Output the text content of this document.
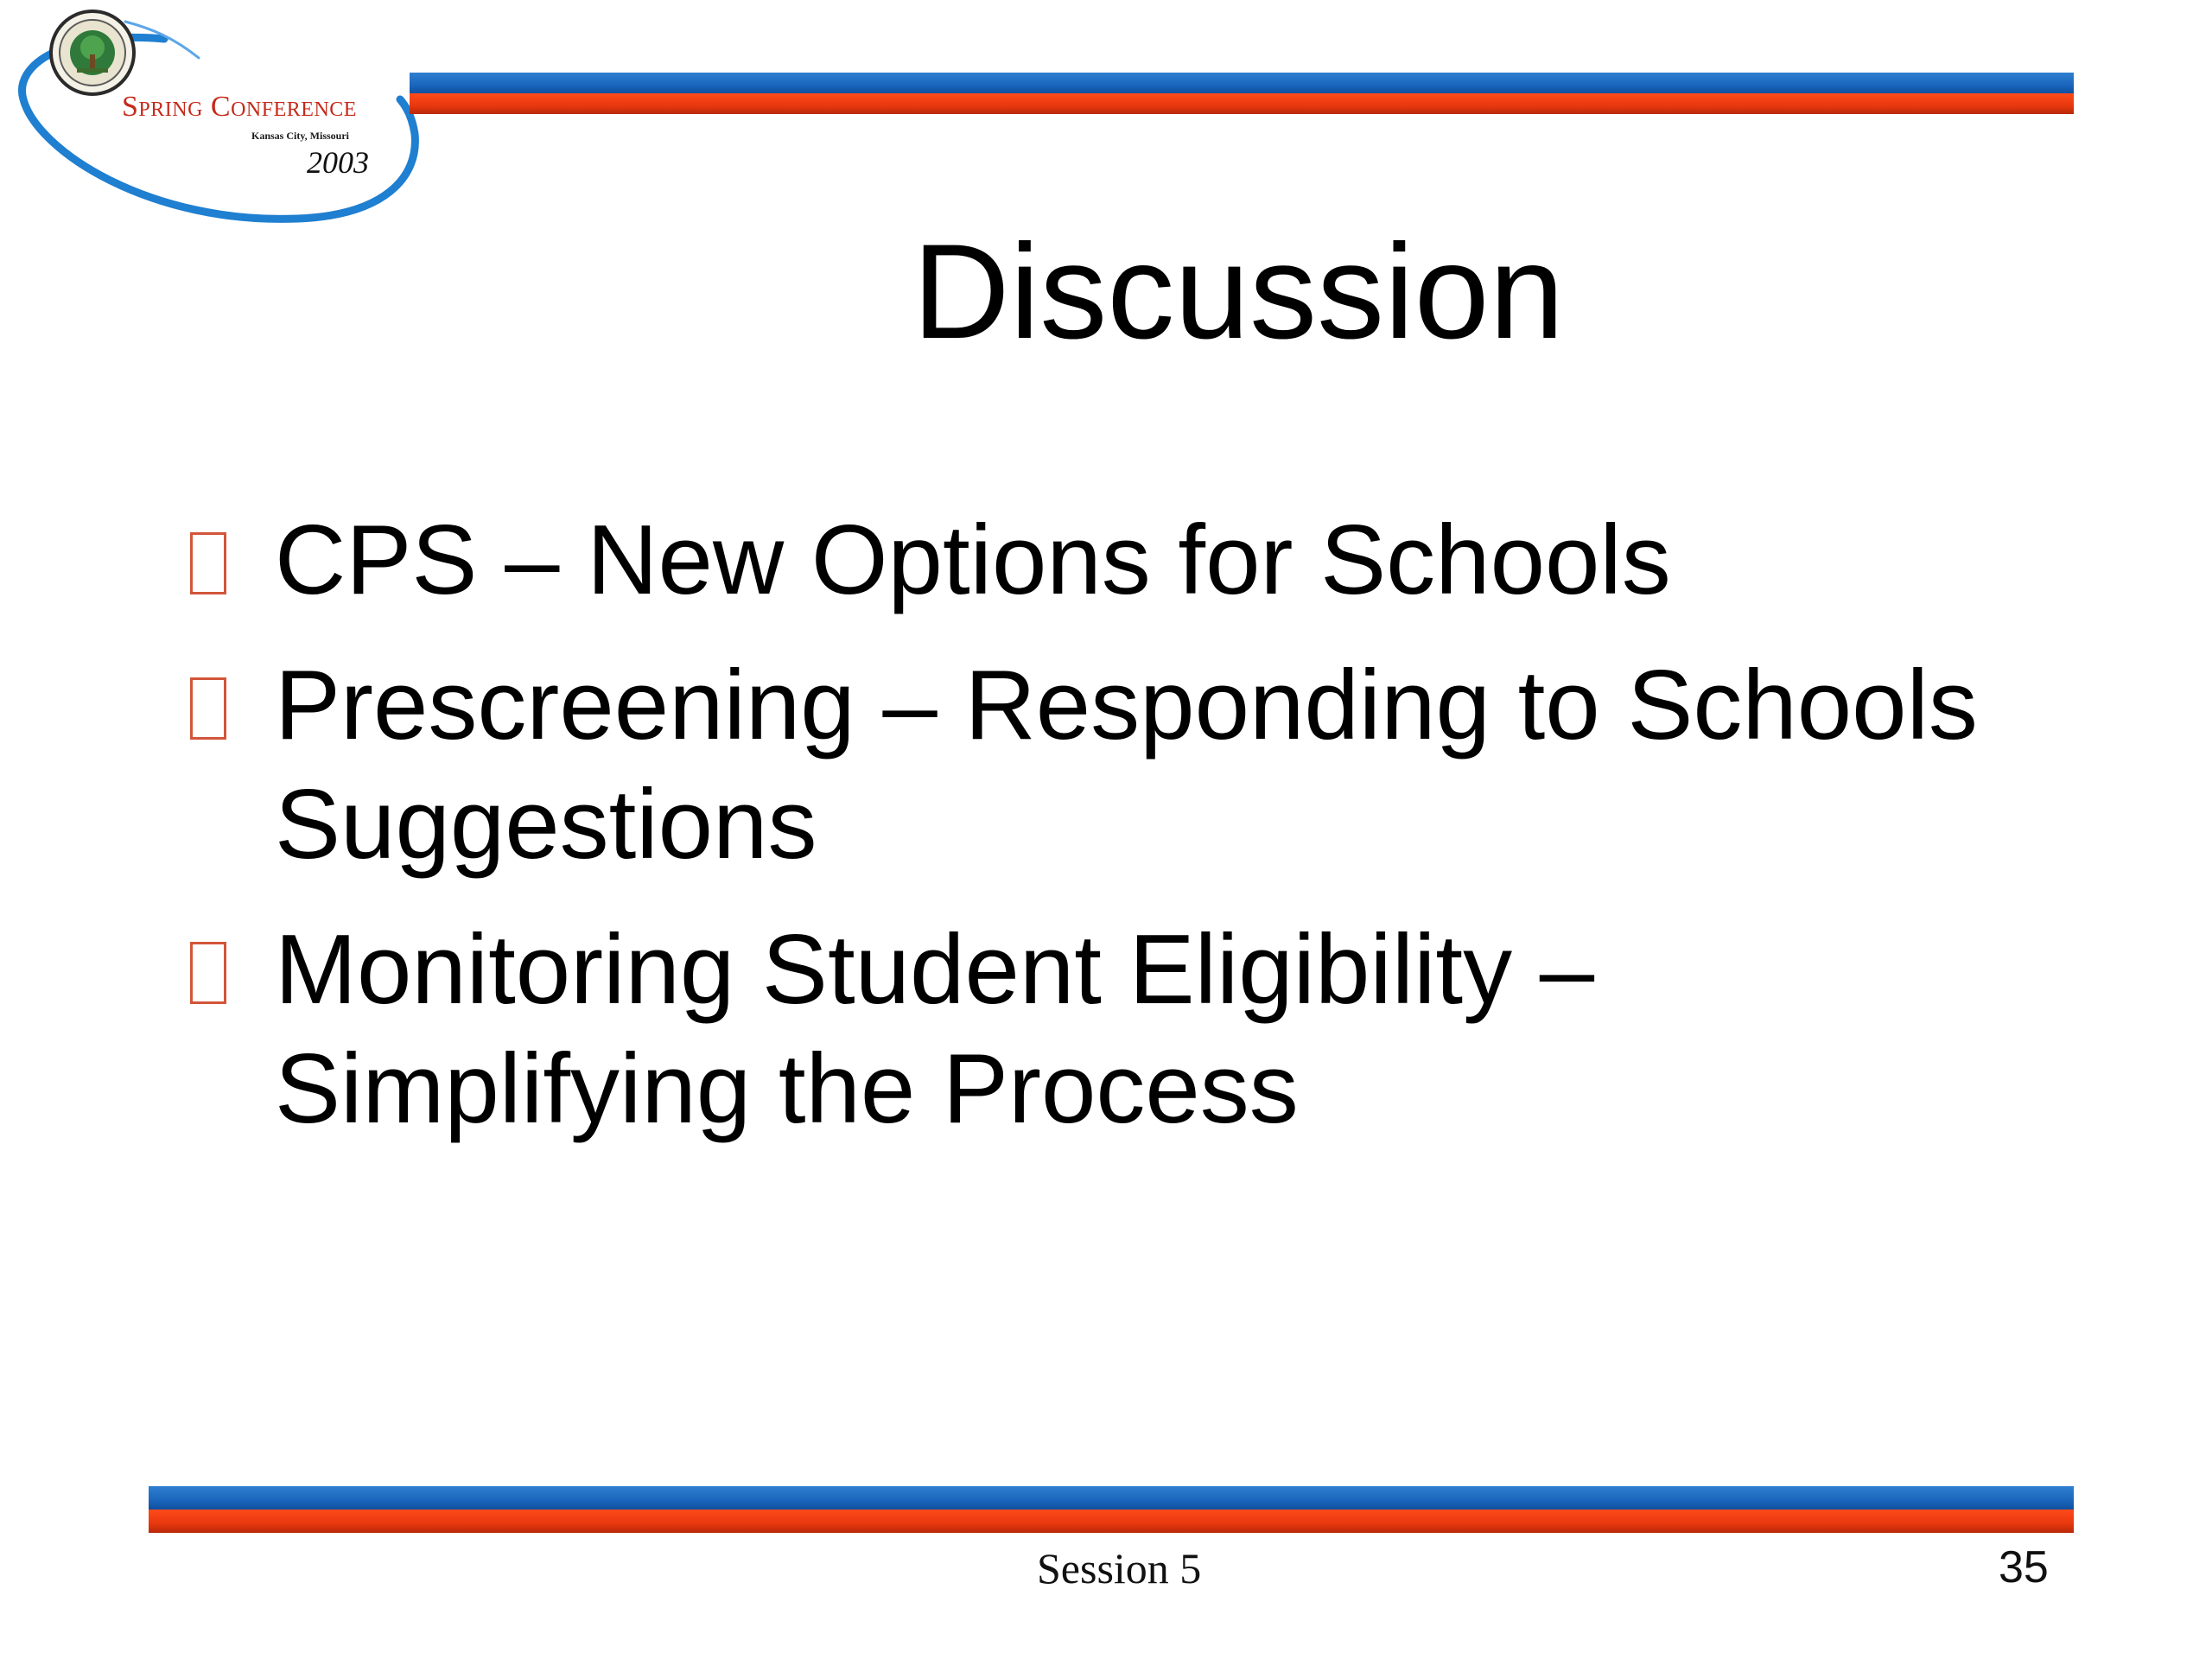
Spring Conference
Kansas City, Missouri
2003
Discussion
CPS – New Options for Schools
Prescreening – Responding to Schools Suggestions
Monitoring Student Eligibility – Simplifying the Process
Session 5	35
